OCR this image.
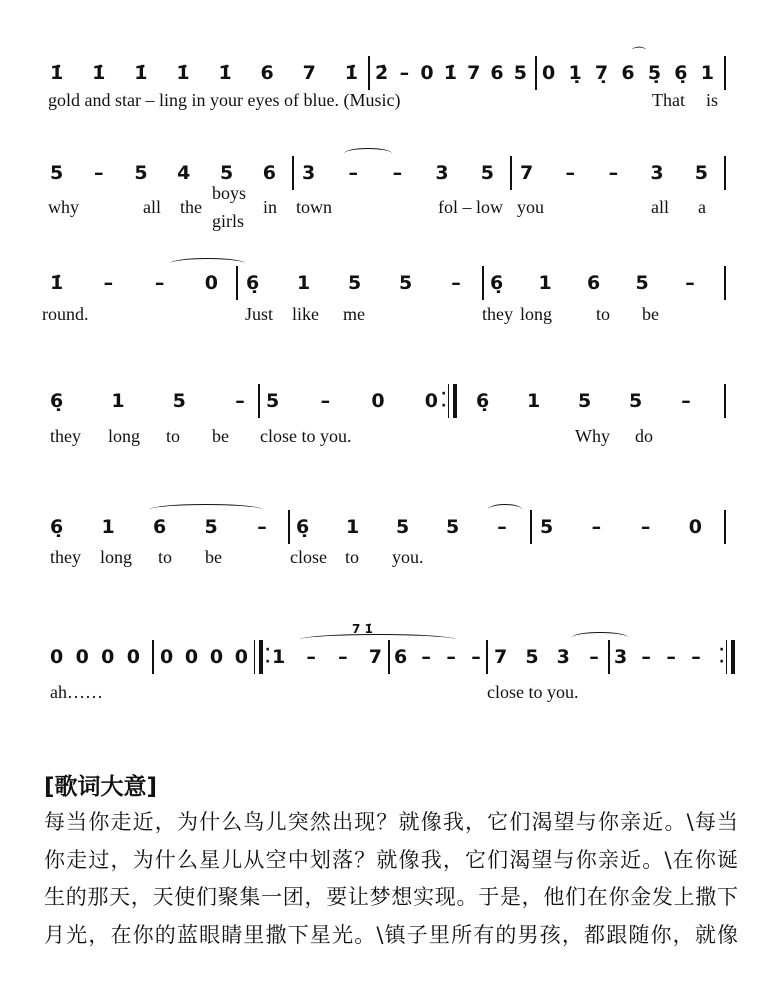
1̇ 1̇ 1̇ 1̇ 1̇ 6 7 1̇ 2̇ – 0 1̇ 7 6 5 0 1̣ 7̣ 6 5̣ 6̣ 1
gold and star – ling in your eyes of blue. (Music)	That is
⌒
5 – 5 4 5 6 3 – – 3 5 7 – – 3 5
why	all the
boys
girls
in town	fol – low you	all a
1̇ – – 0 6̣ 1 5 5 – 6̣ 1 6 5 –
round.	Just like me	they long to be
6̣	1	5	– 5 – 0 0 6̣ 1 5 5 –
·
·
they long to be close to you.	Why do
6̣ 1 6 5 – 6̣ 1 5 5 – 5 – – 0
they long to be	close to you.
0 0 0 0 0 0 0 0 1 – – 7 6 – – – 7 5 3 – 3 – – –
·
·
·
·
7 1̇
ah……	close to you.
[歌词大意]
每当你走近，为什么鸟儿突然出现？就像我，它们渴望与你亲近。\每当
你走过，为什么星儿从空中划落？就像我，它们渴望与你亲近。\在你诞
生的那天，天使们聚集一团，要让梦想实现。于是，他们在你金发上撒下
月光，在你的蓝眼睛里撒下星光。\镇子里所有的男孩，都跟随你，就像
